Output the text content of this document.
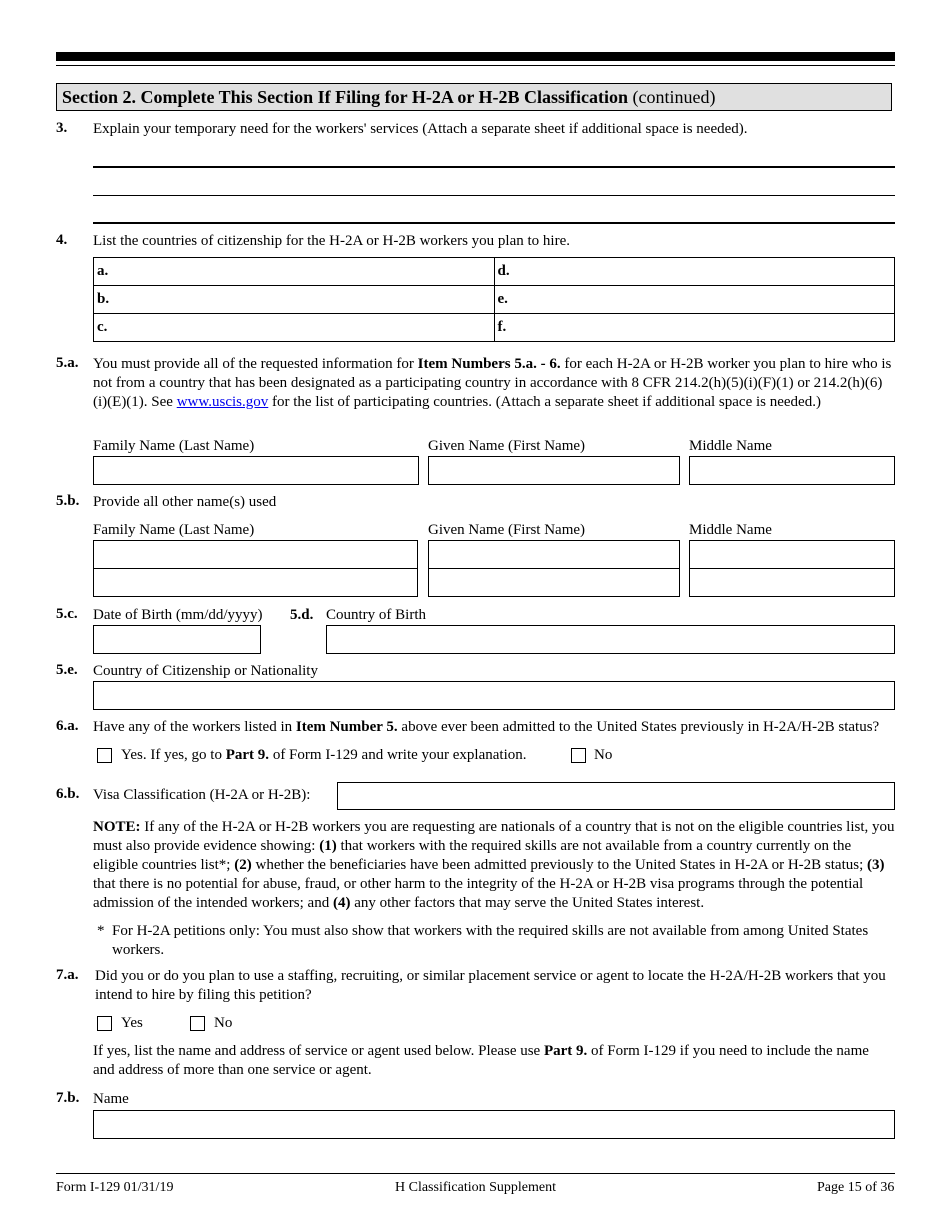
Section 2. Complete This Section If Filing for H-2A or H-2B Classification (continued)
3. Explain your temporary need for the workers' services (Attach a separate sheet if additional space is needed).
4. List the countries of citizenship for the H-2A or H-2B workers you plan to hire.
a.	d.
b.	e.
c.	f.
5.a. You must provide all of the requested information for Item Numbers 5.a. - 6. for each H-2A or H-2B worker you plan to hire who is not from a country that has been designated as a participating country in accordance with 8 CFR 214.2(h)(5)(i)(F)(1) or 214.2(h)(6)(i)(E)(1). See www.uscis.gov for the list of participating countries. (Attach a separate sheet if additional space is needed.)
Family Name (Last Name)	Given Name (First Name)	Middle Name
5.b. Provide all other name(s) used
Family Name (Last Name)	Given Name (First Name)	Middle Name
5.c. Date of Birth (mm/dd/yyyy) 5.d. Country of Birth
5.e. Country of Citizenship or Nationality
6.a. Have any of the workers listed in Item Number 5. above ever been admitted to the United States previously in H-2A/H-2B status?
Yes. If yes, go to Part 9. of Form I-129 and write your explanation.	No
6.b. Visa Classification (H-2A or H-2B):
NOTE: If any of the H-2A or H-2B workers you are requesting are nationals of a country that is not on the eligible countries list, you must also provide evidence showing: (1) that workers with the required skills are not available from a country currently on the eligible countries list*; (2) whether the beneficiaries have been admitted previously to the United States in H-2A or H-2B status; (3) that there is no potential for abuse, fraud, or other harm to the integrity of the H-2A or H-2B visa programs through the potential admission of the intended workers; and (4) any other factors that may serve the United States interest.
* For H-2A petitions only: You must also show that workers with the required skills are not available from among United States workers.
7.a. Did you or do you plan to use a staffing, recruiting, or similar placement service or agent to locate the H-2A/H-2B workers that you intend to hire by filing this petition?
Yes	No
If yes, list the name and address of service or agent used below. Please use Part 9. of Form I-129 if you need to include the name and address of more than one service or agent.
7.b. Name
Form I-129 01/31/19	H Classification Supplement	Page 15 of 36
